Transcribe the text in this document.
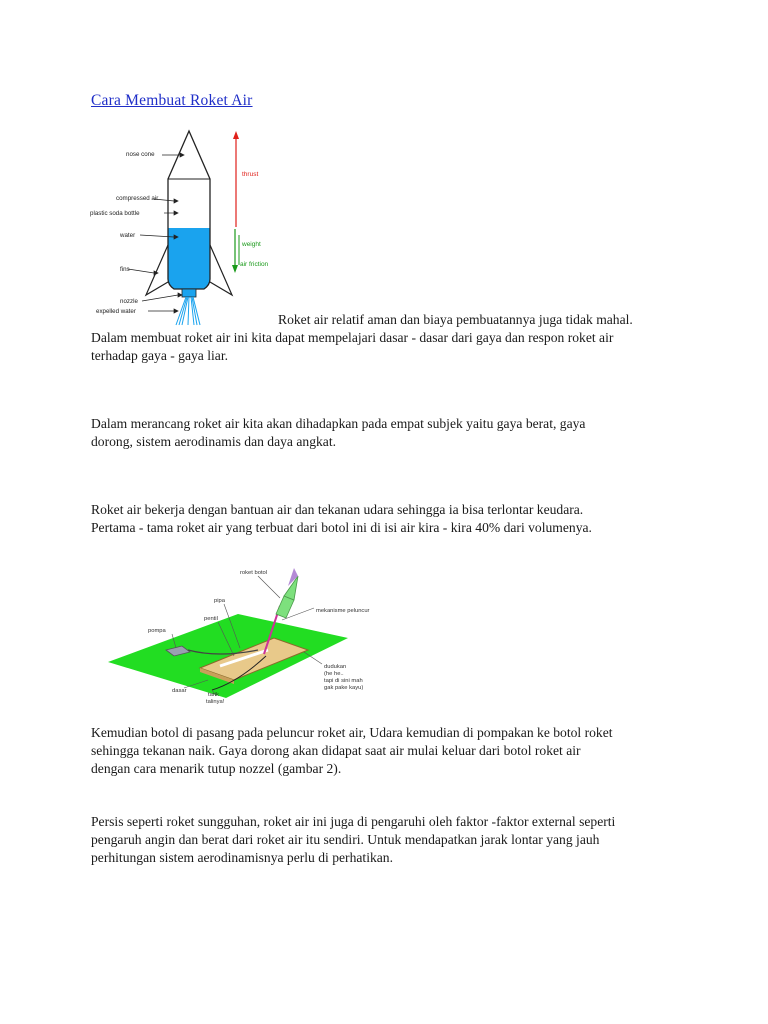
Cara Membuat Roket Air
nose cone
compressed air
plastic soda bottle
water
fins
nozzle
expelled water
thrust
weight
air friction
Roket air relatif aman dan biaya pembuatannya juga tidak mahal.
Dalam membuat roket air ini kita dapat mempelajari dasar - dasar dari gaya dan respon roket air
terhadap gaya - gaya liar.
Dalam merancang roket air kita akan dihadapkan pada empat subjek yaitu gaya berat, gaya
dorong, sistem aerodinamis dan daya angkat.
Roket air bekerja dengan bantuan air dan tekanan udara sehingga ia bisa terlontar keudara.
Pertama - tama roket air yang terbuat dari botol ini di isi air kira - kira 40% dari volumenya.
roket botol
pipa
pentil
pompa
mekanisme peluncur
dudukan
(he he..
tapi di sini mah
gak pake kayu)
dasar
tarik
talinya!
Kemudian botol di pasang pada peluncur roket air, Udara kemudian di pompakan ke botol roket
sehingga tekanan naik. Gaya dorong akan didapat saat air mulai keluar dari botol roket air
dengan cara menarik tutup nozzel (gambar 2).
Persis seperti roket sungguhan, roket air ini juga di pengaruhi oleh faktor -faktor external seperti
pengaruh angin dan berat dari roket air itu sendiri. Untuk mendapatkan jarak lontar yang jauh
perhitungan sistem aerodinamisnya perlu di perhatikan.
